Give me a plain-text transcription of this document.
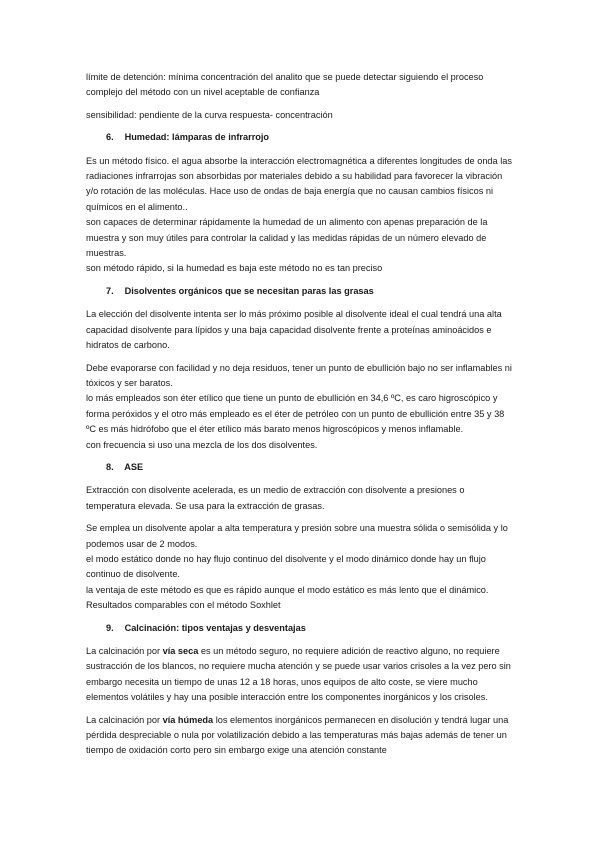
límite de detención: mínima concentración del analito que se puede detectar siguiendo el proceso complejo del método con un nivel aceptable de confianza

sensibilidad: pendiente de la curva respuesta- concentración

6. Humedad: lámparas de infrarrojo

Es un método físico. el agua absorbe la interacción electromagnética a diferentes longitudes de onda las radiaciones infrarrojas son absorbidas por materiales debido a su habilidad para favorecer la vibración y/o rotación de las moléculas. Hace uso de ondas de baja energía que no causan cambios físicos ni químicos en el alimento..

son capaces de determinar rápidamente la humedad de un alimento con apenas preparación de la muestra y son muy útiles para controlar la calidad y las medidas rápidas de un número elevado de muestras.

son método rápido, si la humedad es baja este método no es tan preciso

7. Disolventes orgánicos que se necesitan paras las grasas

La elección del disolvente intenta ser lo más próximo posible al disolvente ideal el cual tendrá una alta capacidad disolvente para lípidos y una baja capacidad disolvente frente a proteínas aminoácidos e hidratos de carbono.

Debe evaporarse con facilidad y no deja residuos, tener un punto de ebullición bajo no ser inflamables ni tóxicos y ser baratos.

lo más empleados son éter etílico que tiene un punto de ebullición en 34,6 ºC, es caro higroscópico y forma peróxidos y el otro más empleado es el éter de petróleo con un punto de ebullición entre 35 y 38 ºC es más hidrófobo que el éter etílico más barato menos higroscópicos y menos inflamable.

con frecuencia si uso una mezcla de los dos disolventes.

8. ASE

Extracción con disolvente acelerada, es un medio de extracción con disolvente a presiones o temperatura elevada. Se usa para la extracción de grasas.

Se emplea un disolvente apolar a alta temperatura y presión sobre una muestra sólida o semisólida y lo podemos usar de 2 modos.

el modo estático donde no hay flujo continuo del disolvente y el modo dinámico donde hay un flujo continuo de disolvente.

la ventaja de este método es que es rápido aunque el modo estático es más lento que el dinámico. Resultados comparables con el método Soxhlet

9. Calcinación: tipos ventajas y desventajas

La calcinación por vía seca es un método seguro, no requiere adición de reactivo alguno, no requiere sustracción de los blancos, no requiere mucha atención y se puede usar varios crisoles a la vez pero sin embargo necesita un tiempo de unas 12 a 18 horas, unos equipos de alto coste, se viere mucho elementos volátiles y hay una posible interacción entre los componentes inorgánicos y los crisoles.

La calcinación por vía húmeda los elementos inorgánicos permanecen en disolución y tendrá lugar una pérdida despreciable o nula por volatilización debido a las temperaturas más bajas además de tener un tiempo de oxidación corto pero sin embargo exige una atención constante
